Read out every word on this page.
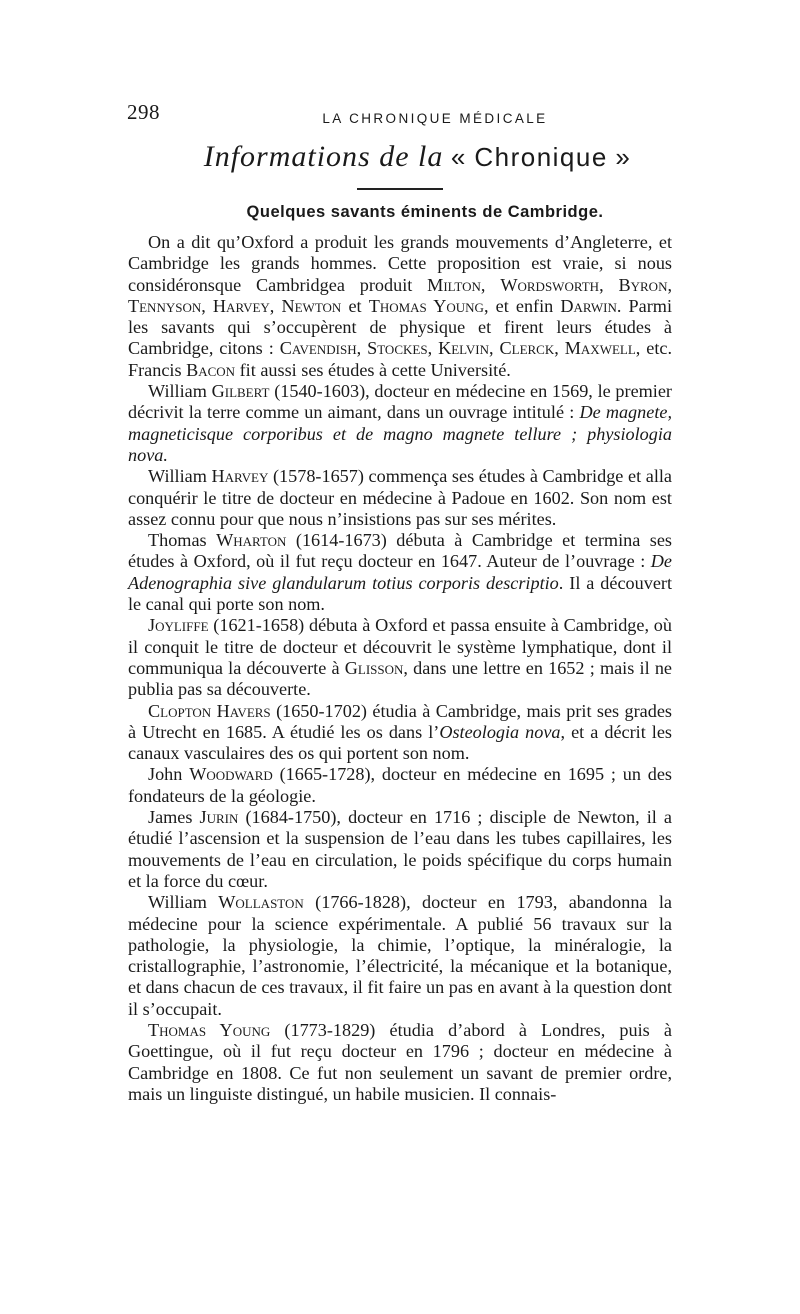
298	LA CHRONIQUE MÉDICALE
Informations de la « Chronique »
Quelques savants éminents de Cambridge.

On a dit qu’Oxford a produit les grands mouvements d’Angleterre, et Cambridge les grands hommes. Cette proposition est vraie, si nous considéronsque Cambridgea produit Milton, Wordsworth, Byron, Tennyson, Harvey, Newton et Thomas Young, et enfin Darwin. Parmi les savants qui s’occupèrent de physique et firent leurs études à Cambridge, citons : Cavendish, Stockes, Kelvin, Clerck, Maxwell, etc. Francis Bacon fit aussi ses études à cette Université.

William Gilbert (1540-1603), docteur en médecine en 1569, le premier décrivit la terre comme un aimant, dans un ouvrage intitulé : De magnete, magneticisque corporibus et de magno magnete tellure ; physiologia nova.

William Harvey (1578-1657) commença ses études à Cambridge et alla conquérir le titre de docteur en médecine à Padoue en 1602. Son nom est assez connu pour que nous n’insistions pas sur ses mérites.

Thomas Wharton (1614-1673) débuta à Cambridge et termina ses études à Oxford, où il fut reçu docteur en 1647. Auteur de l’ouvrage : De Adenographia sive glandularum totius corporis descriptio. Il a découvert le canal qui porte son nom.

Joyliffe (1621-1658) débuta à Oxford et passa ensuite à Cambridge, où il conquit le titre de docteur et découvrit le système lymphatique, dont il communiqua la découverte à Glisson, dans une lettre en 1652 ; mais il ne publia pas sa découverte.

Clopton Havers (1650-1702) étudia à Cambridge, mais prit ses grades à Utrecht en 1685. A étudié les os dans l’Osteologia nova, et a décrit les canaux vasculaires des os qui portent son nom.

John Woodward (1665-1728), docteur en médecine en 1695 ; un des fondateurs de la géologie.

James Jurin (1684-1750), docteur en 1716 ; disciple de Newton, il a étudié l’ascension et la suspension de l’eau dans les tubes capillaires, les mouvements de l’eau en circulation, le poids spécifique du corps humain et la force du cœur.

William Wollaston (1766-1828), docteur en 1793, abandonna la médecine pour la science expérimentale. A publié 56 travaux sur la pathologie, la physiologie, la chimie, l’optique, la minéralogie, la cristallographie, l’astronomie, l’électricité, la mécanique et la botanique, et dans chacun de ces travaux, il fit faire un pas en avant à la question dont il s’occupait.

Thomas Young (1773-1829) étudia d’abord à Londres, puis à Goettingue, où il fut reçu docteur en 1796 ; docteur en médecine à Cambridge en 1808. Ce fut non seulement un savant de premier ordre, mais un linguiste distingué, un habile musicien. Il connais-
